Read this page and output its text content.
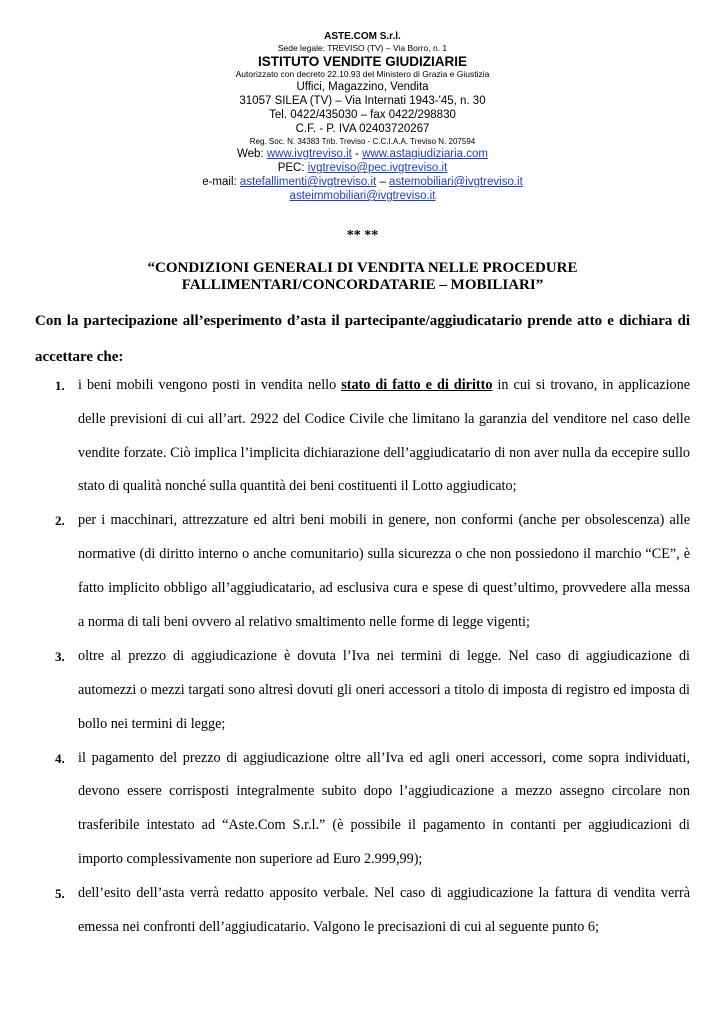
ASTE.COM S.r.l.
Sede legale: TREVISO (TV) – Via Borro, n. 1
ISTITUTO VENDITE GIUDIZIARIE
Autorizzato con decreto 22.10.93 del Ministero di Grazia e Giustizia
Uffici, Magazzino, Vendita
31057 SILEA (TV) – Via Internati 1943-'45, n. 30
Tel. 0422/435030 – fax 0422/298830
C.F. - P. IVA 02403720267
Reg. Soc. N. 34383 Trib. Treviso - C.C.I.A.A. Treviso N. 207594
Web: www.ivgtreviso.it - www.astagiudiziaria.com
PEC: ivgtreviso@pec.ivgtreviso.it
e-mail: astefallimenti@ivgtreviso.it – astemobiliari@ivgtreviso.it
asteimmobiliari@ivgtreviso.it
** **
“CONDIZIONI GENERALI DI VENDITA NELLE PROCEDURE
FALLIMENTARI/CONCORDATARIE – MOBILIARI”
Con la partecipazione all’esperimento d’asta il partecipante/aggiudicatario prende atto e dichiara di accettare che:
1. i beni mobili vengono posti in vendita nello stato di fatto e di diritto in cui si trovano, in applicazione delle previsioni di cui all’art. 2922 del Codice Civile che limitano la garanzia del venditore nel caso delle vendite forzate. Ciò implica l’implicita dichiarazione dell’aggiudicatario di non aver nulla da eccepire sullo stato di qualità nonché sulla quantità dei beni costituenti il Lotto aggiudicato;
2. per i macchinari, attrezzature ed altri beni mobili in genere, non conformi (anche per obsolescenza) alle normative (di diritto interno o anche comunitario) sulla sicurezza o che non possiedono il marchio “CE”, è fatto implicito obbligo all’aggiudicatario, ad esclusiva cura e spese di quest’ultimo, provvedere alla messa a norma di tali beni ovvero al relativo smaltimento nelle forme di legge vigenti;
3. oltre al prezzo di aggiudicazione è dovuta l’Iva nei termini di legge. Nel caso di aggiudicazione di automezzi o mezzi targati sono altresì dovuti gli oneri accessori a titolo di imposta di registro ed imposta di bollo nei termini di legge;
4. il pagamento del prezzo di aggiudicazione oltre all’Iva ed agli oneri accessori, come sopra individuati, devono essere corrisposti integralmente subito dopo l’aggiudicazione a mezzo assegno circolare non trasferibile intestato ad “Aste.Com S.r.l.” (è possibile il pagamento in contanti per aggiudicazioni di importo complessivamente non superiore ad Euro 2.999,99);
5. dell’esito dell’asta verrà redatto apposito verbale. Nel caso di aggiudicazione la fattura di vendita verrà emessa nei confronti dell’aggiudicatario. Valgono le precisazioni di cui al seguente punto 6;
